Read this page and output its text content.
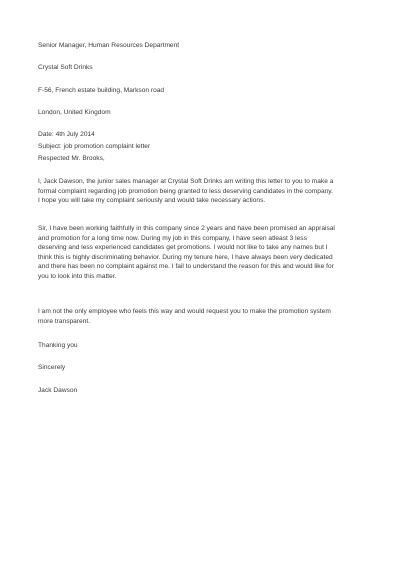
Senior Manager, Human Resources Department
Crystal Soft Drinks
F-56, French estate building, Markson road
London, United Kingdom
Date: 4th July 2014
Subject: job promotion complaint letter
Respected Mr. Brooks,
I, Jack Dawson, the junior sales manager at Crystal Soft Drinks am writing this letter to you to make a
formal complaint regarding job promotion being granted to less deserving candidates in the company.
I hope you will take my complaint seriously and would take necessary actions.
Sir, I have been working faithfully in this company since 2 years and have been promised an appraisal
and promotion for a long time now. During my job in this company, I have seen atleast 3 less
deserving and less experienced candidates get promotions. I would not like to take any names but I
think this is highly discriminating behavior. During my tenure here, I have always been very dedicated
and there has been no complaint against me. I fail to understand the reason for this and would like for
you to look into this matter.
I am not the only employee who feels this way and would request you to make the promotion system
more transparent.
Thanking you
Sincerely
Jack Dawson
